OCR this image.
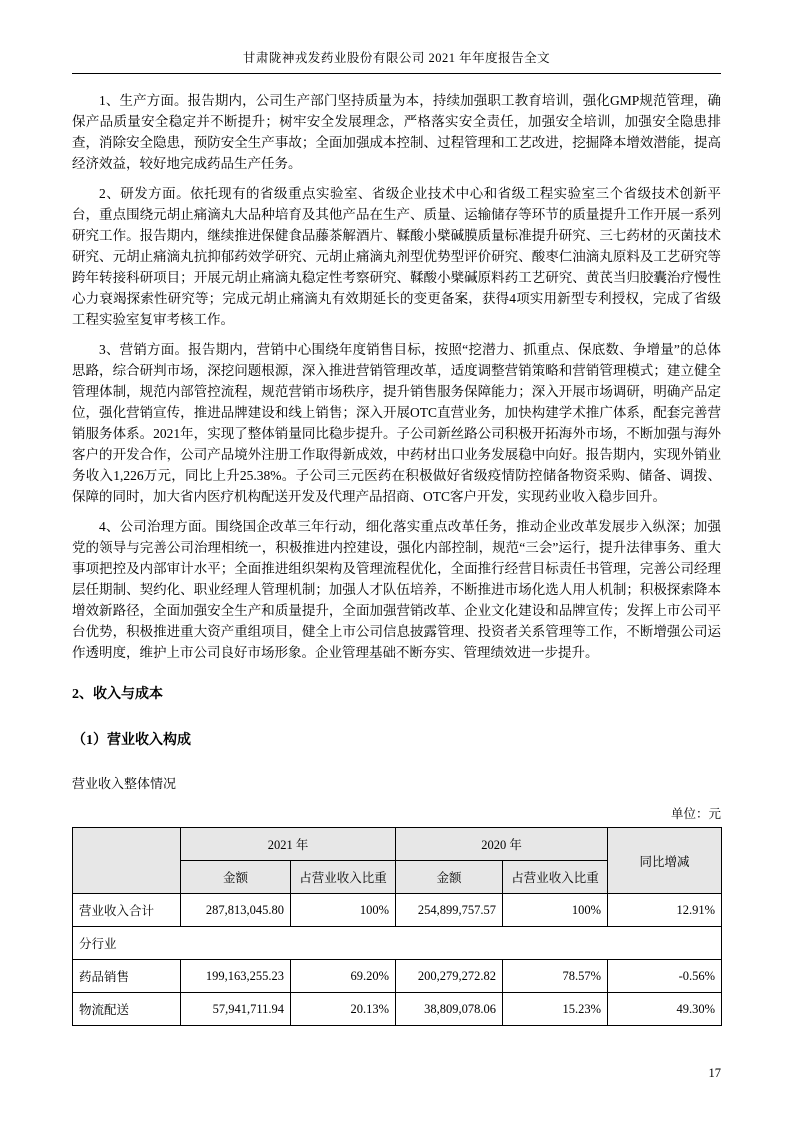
甘肃陇神戎发药业股份有限公司 2021 年年度报告全文

1、生产方面。报告期内，公司生产部门坚持质量为本，持续加强职工教育培训，强化GMP规范管理，确保产品质量安全稳定并不断提升；树牢安全发展理念，严格落实安全责任，加强安全培训，加强安全隐患排查，消除安全隐患，预防安全生产事故；全面加强成本控制、过程管理和工艺改进，挖掘降本增效潜能，提高经济效益，较好地完成药品生产任务。

2、研发方面。依托现有的省级重点实验室、省级企业技术中心和省级工程实验室三个省级技术创新平台，重点围绕元胡止痛滴丸大品种培育及其他产品在生产、质量、运输储存等环节的质量提升工作开展一系列研究工作。报告期内，继续推进保健食品藤茶解酒片、鞣酸小檗碱膜质量标准提升研究、三七药材的灭菌技术研究、元胡止痛滴丸抗抑郁药效学研究、元胡止痛滴丸剂型优势型评价研究、酸枣仁油滴丸原料及工艺研究等跨年转接科研项目；开展元胡止痛滴丸稳定性考察研究、鞣酸小檗碱原料药工艺研究、黄芪当归胶囊治疗慢性心力衰竭探索性研究等；完成元胡止痛滴丸有效期延长的变更备案，获得4项实用新型专利授权，完成了省级工程实验室复审考核工作。

3、营销方面。报告期内，营销中心围绕年度销售目标，按照“挖潜力、抓重点、保底数、争增量”的总体思路，综合研判市场，深挖问题根源，深入推进营销管理改革，适度调整营销策略和营销管理模式；建立健全管理体制，规范内部管控流程，规范营销市场秩序，提升销售服务保障能力；深入开展市场调研，明确产品定位，强化营销宣传，推进品牌建设和线上销售；深入开展OTC直营业务，加快构建学术推广体系，配套完善营销服务体系。2021年，实现了整体销量同比稳步提升。子公司新丝路公司积极开拓海外市场，不断加强与海外客户的开发合作，公司产品境外注册工作取得新成效，中药材出口业务发展稳中向好。报告期内，实现外销业务收入1,226万元，同比上升25.38%。子公司三元医药在积极做好省级疫情防控储备物资采购、储备、调拨、保障的同时，加大省内医疗机构配送开发及代理产品招商、OTC客户开发，实现药业收入稳步回升。

4、公司治理方面。围绕国企改革三年行动，细化落实重点改革任务，推动企业改革发展步入纵深；加强党的领导与完善公司治理相统一，积极推进内控建设，强化内部控制，规范“三会”运行，提升法律事务、重大事项把控及内部审计水平；全面推进组织架构及管理流程优化，全面推行经营目标责任书管理，完善公司经理层任期制、契约化、职业经理人管理机制；加强人才队伍培养，不断推进市场化选人用人机制；积极探索降本增效新路径，全面加强安全生产和质量提升，全面加强营销改革、企业文化建设和品牌宣传；发挥上市公司平台优势，积极推进重大资产重组项目，健全上市公司信息披露管理、投资者关系管理等工作，不断增强公司运作透明度，维护上市公司良好市场形象。企业管理基础不断夯实、管理绩效进一步提升。

2、收入与成本
（1）营业收入构成
营业收入整体情况
单位：元
	2021 年		2020 年		同比增减
	金额	占营业收入比重	金额	占营业收入比重	
营业收入合计	287,813,045.80	100%	254,899,757.57	100%	12.91%
分行业					
药品销售	199,163,255.23	69.20%	200,279,272.82	78.57%	-0.56%
物流配送	57,941,711.94	20.13%	38,809,078.06	15.23%	49.30%
17
